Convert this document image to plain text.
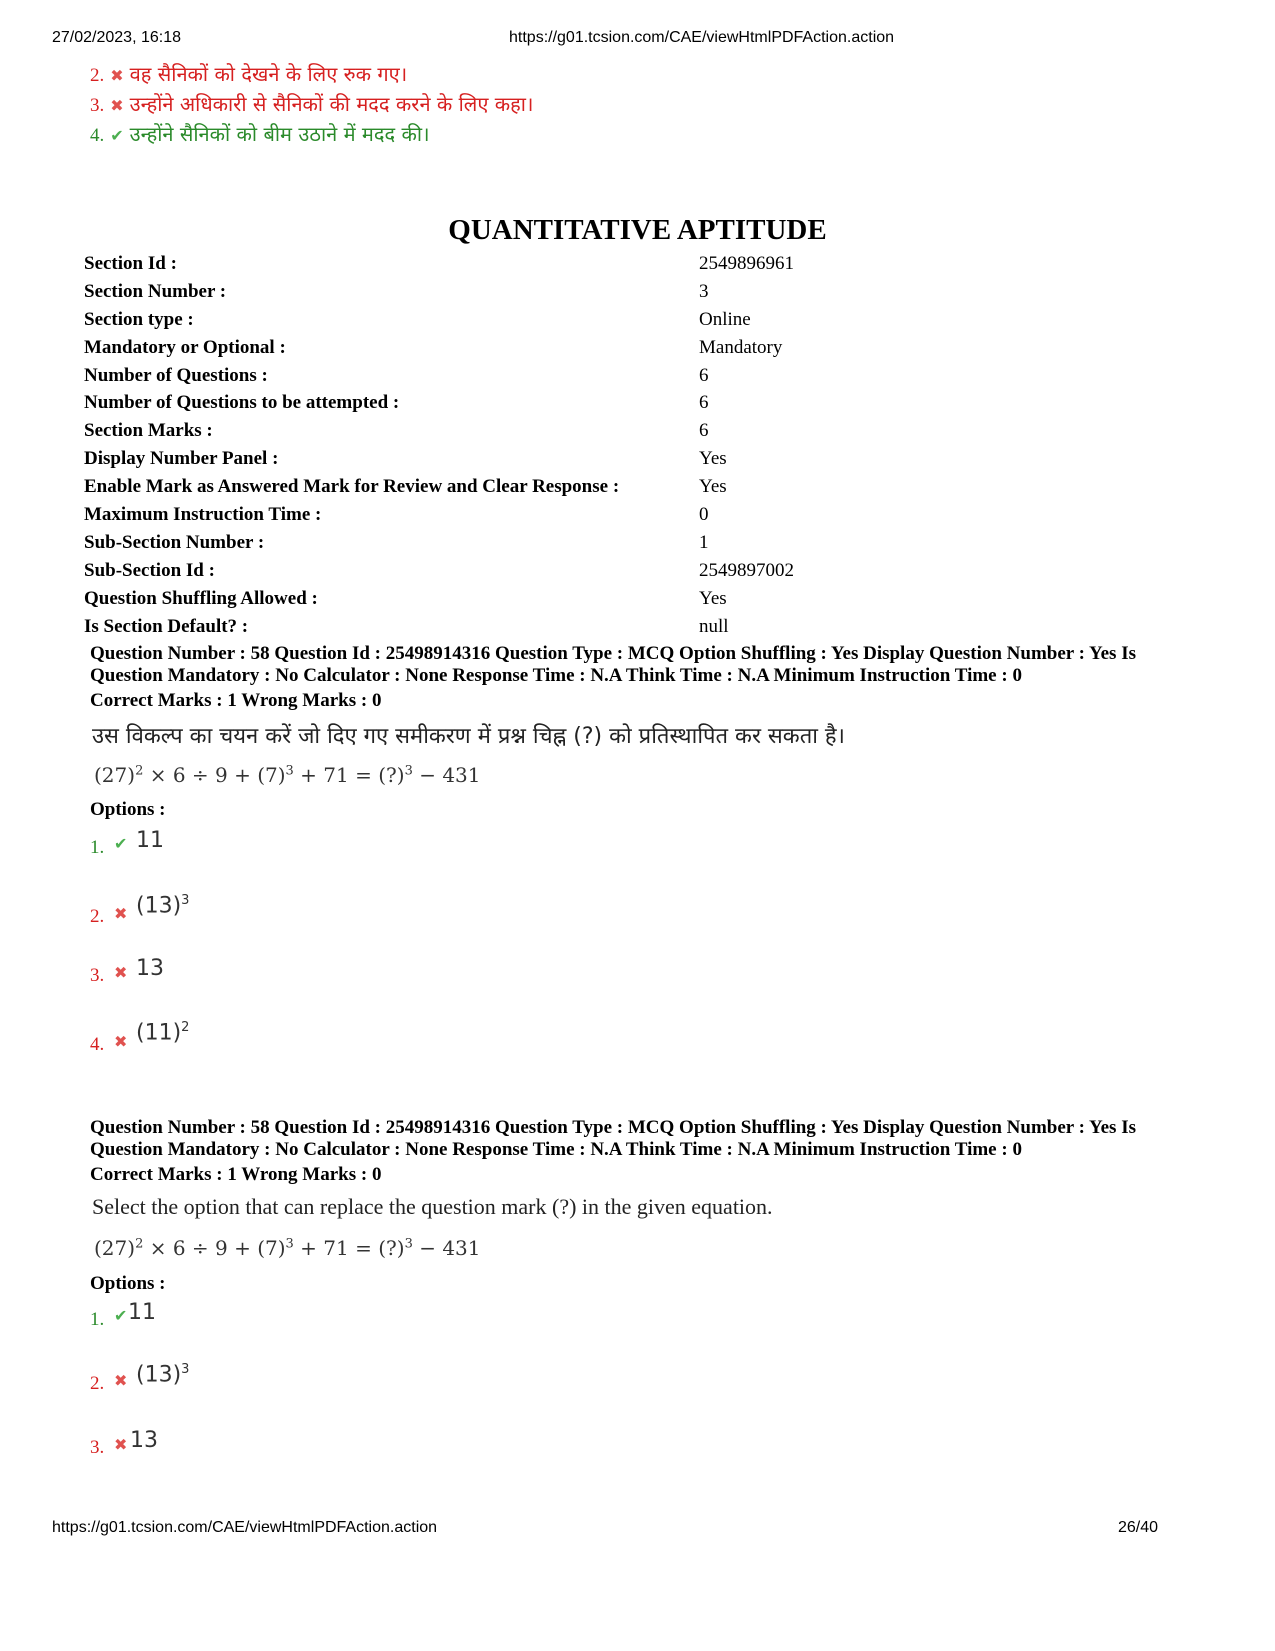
27/02/2023, 16:18	https://g01.tcsion.com/CAE/viewHtmlPDFAction.action
2. ✖ वह सैनिकों को देखने के लिए रुक गए।
3. ✖ उन्होंने अधिकारी से सैनिकों की मदद करने के लिए कहा।
4. ✔ उन्होंने सैनिकों को बीम उठाने में मदद की।
QUANTITATIVE APTITUDE
Section Id :	2549896961
Section Number :	3
Section type :	Online
Mandatory or Optional :	Mandatory
Number of Questions :	6
Number of Questions to be attempted :	6
Section Marks :	6
Display Number Panel :	Yes
Enable Mark as Answered Mark for Review and Clear Response :	Yes
Maximum Instruction Time :	0
Sub-Section Number :	1
Sub-Section Id :	2549897002
Question Shuffling Allowed :	Yes
Is Section Default? :	null
Question Number : 58 Question Id : 25498914316 Question Type : MCQ Option Shuffling : Yes Display Question Number : Yes Is Question Mandatory : No Calculator : None Response Time : N.A Think Time : N.A Minimum Instruction Time : 0
Correct Marks : 1 Wrong Marks : 0
उस विकल्प का चयन करें जो दिए गए समीकरण में प्रश्न चिह्न (?) को प्रतिस्थापित कर सकता है।
$(27)^2 \times 6 \div 9 + (7)^3 + 71$ = (?)$^3$ − 431
Options :
1. ✔ 11
2. ✖ $(13)^3$
3. ✖ 13
4. ✖ $(11)^2$
Question Number : 58 Question Id : 25498914316 Question Type : MCQ Option Shuffling : Yes Display Question Number : Yes Is Question Mandatory : No Calculator : None Response Time : N.A Think Time : N.A Minimum Instruction Time : 0
Correct Marks : 1 Wrong Marks : 0
Select the option that can replace the question mark (?) in the given equation.
$(27)^2 \times 6 \div 9 + (7)^3 + 71$ = (?)$^3$ − 431
Options :
1. ✔ 11
2. ✖ $(13)^3$
3. ✖ 13
https://g01.tcsion.com/CAE/viewHtmlPDFAction.action	26/40
